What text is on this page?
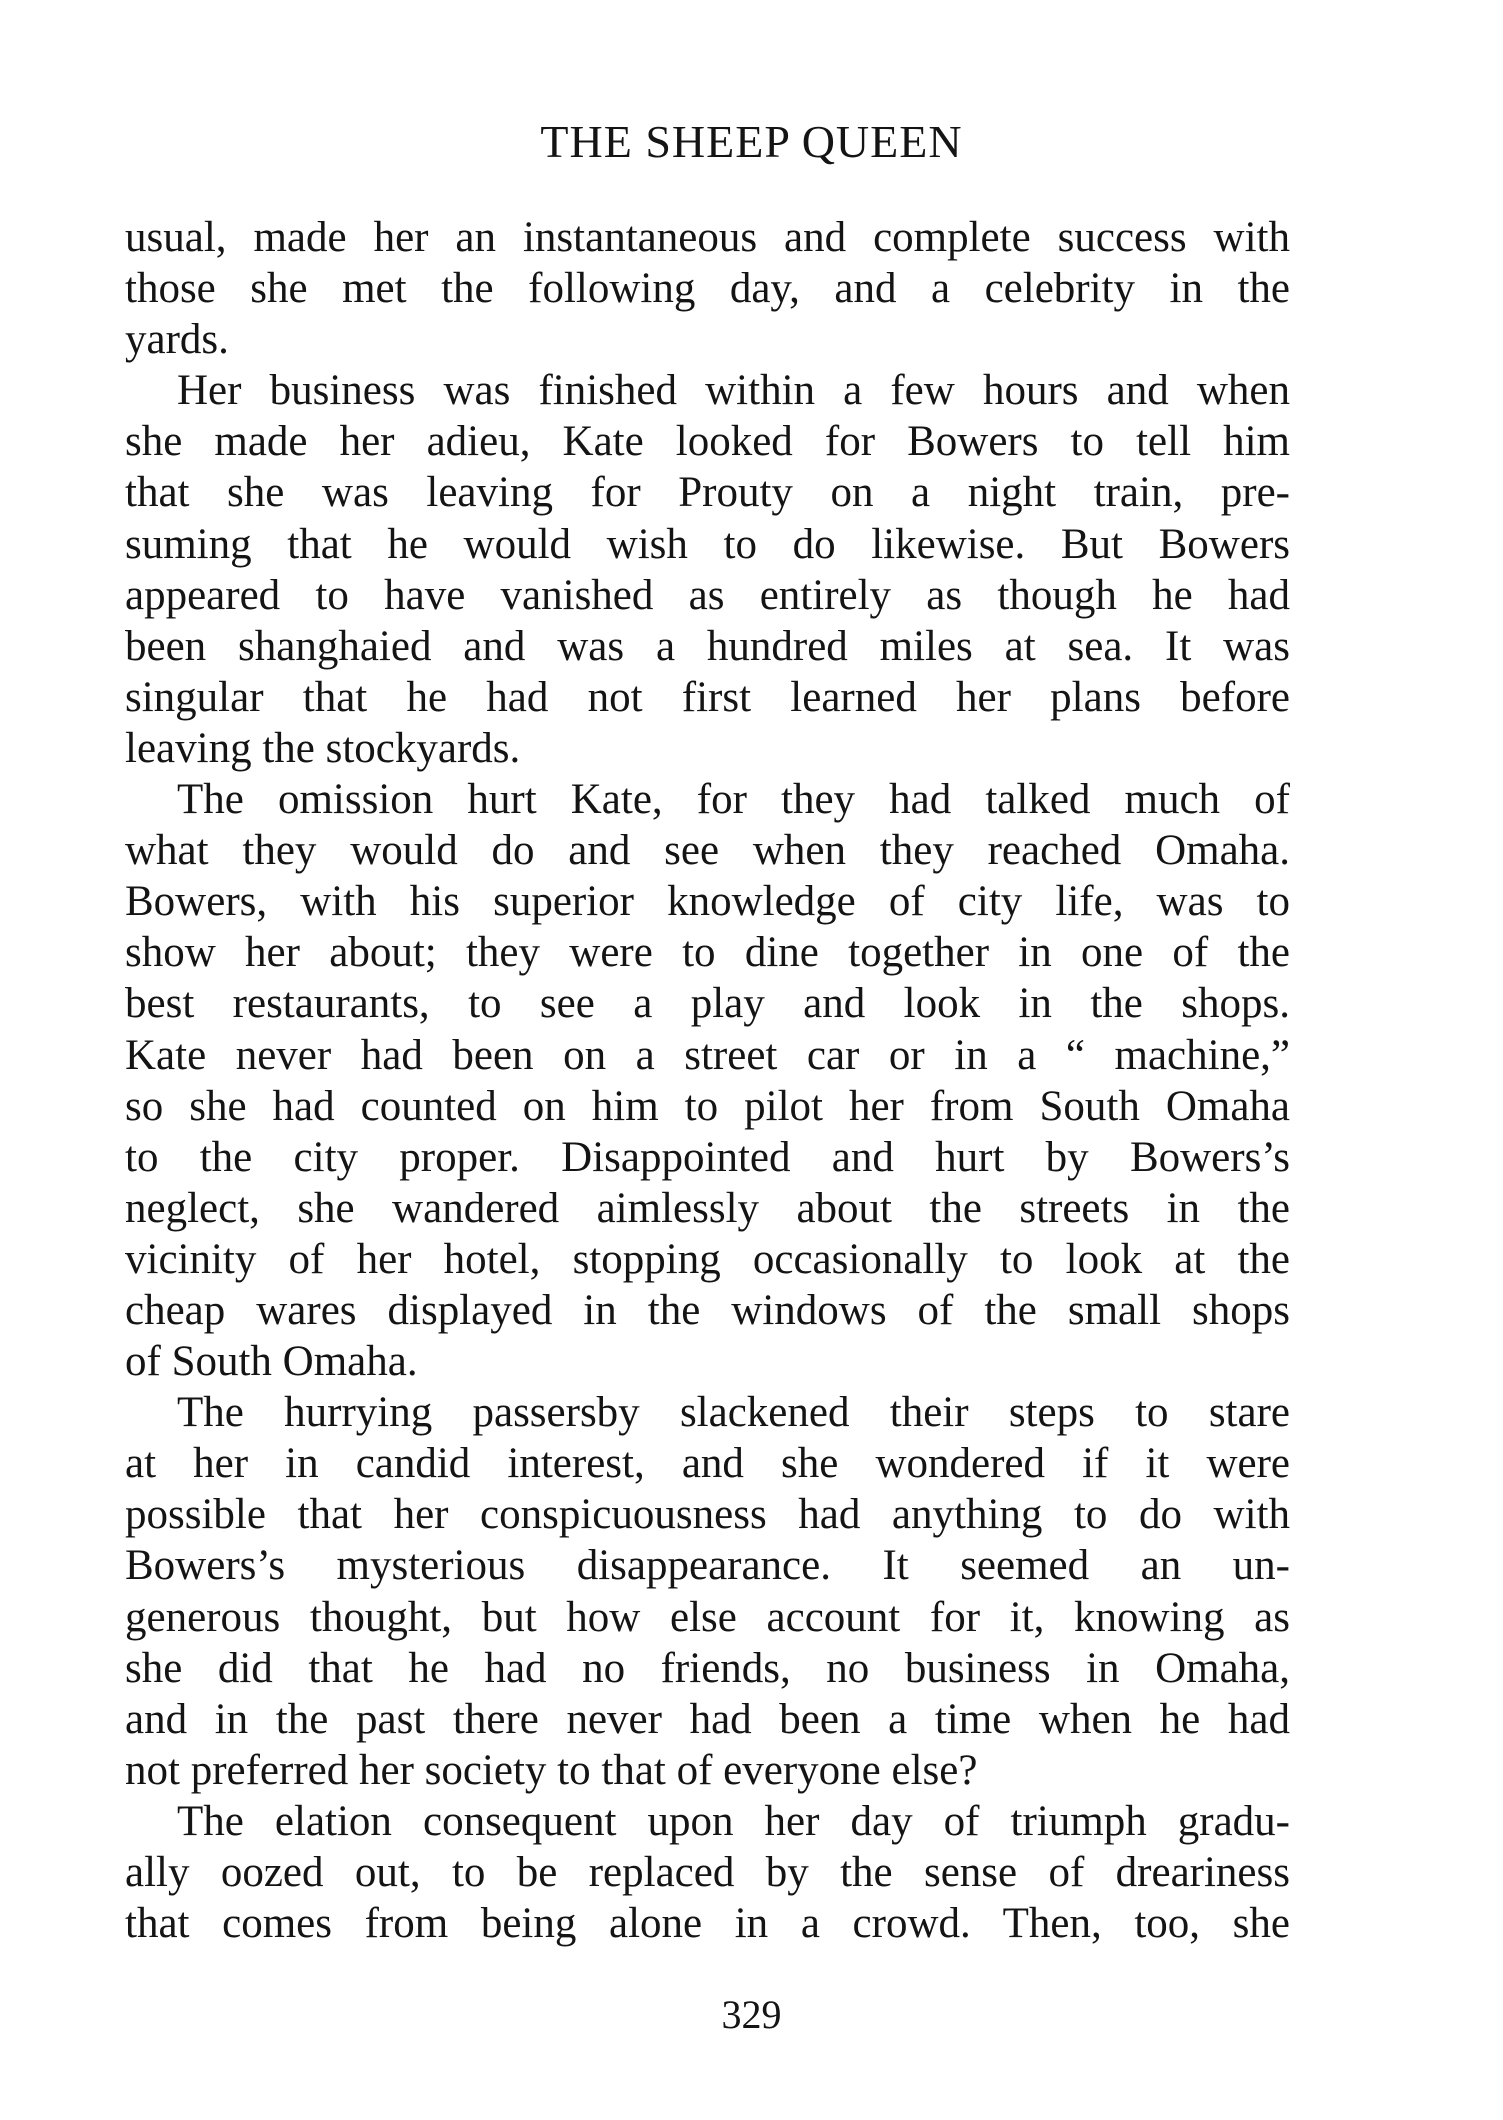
THE SHEEP QUEEN
usual, made her an instantaneous and complete success with
those she met the following day, and a celebrity in the
yards.
Her business was finished within a few hours and when
she made her adieu, Kate looked for Bowers to tell him
that she was leaving for Prouty on a night train, pre-
suming that he would wish to do likewise. But Bowers
appeared to have vanished as entirely as though he had
been shanghaied and was a hundred miles at sea. It was
singular that he had not first learned her plans before
leaving the stockyards.
The omission hurt Kate, for they had talked much of
what they would do and see when they reached Omaha.
Bowers, with his superior knowledge of city life, was to
show her about; they were to dine together in one of the
best restaurants, to see a play and look in the shops.
Kate never had been on a street car or in a “ machine,”
so she had counted on him to pilot her from South Omaha
to the city proper. Disappointed and hurt by Bowers’s
neglect, she wandered aimlessly about the streets in the
vicinity of her hotel, stopping occasionally to look at the
cheap wares displayed in the windows of the small shops
of South Omaha.
The hurrying passersby slackened their steps to stare
at her in candid interest, and she wondered if it were
possible that her conspicuousness had anything to do with
Bowers’s mysterious disappearance. It seemed an un-
generous thought, but how else account for it, knowing as
she did that he had no friends, no business in Omaha,
and in the past there never had been a time when he had
not preferred her society to that of everyone else?
The elation consequent upon her day of triumph gradu-
ally oozed out, to be replaced by the sense of dreariness
that comes from being alone in a crowd. Then, too, she
329
